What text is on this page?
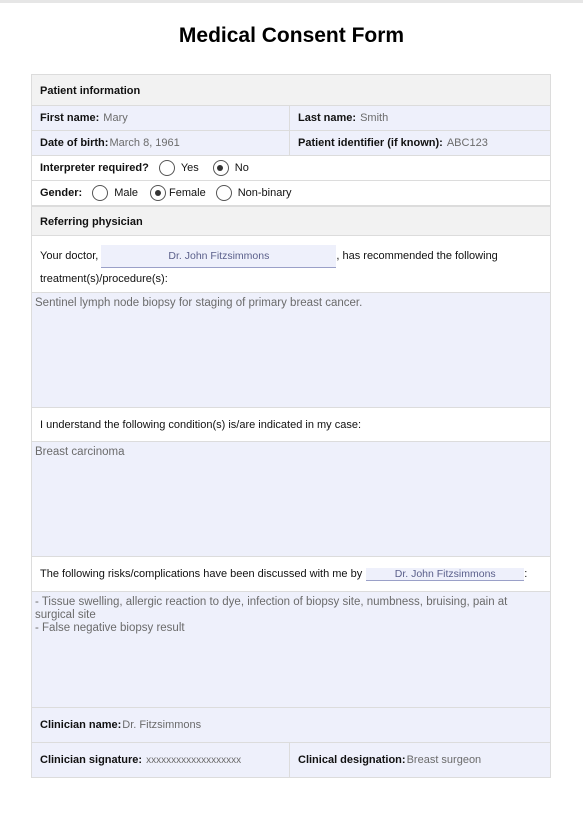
Medical Consent Form
Patient information
First name: Mary	Last name: Smith
Date of birth: March 8, 1961	Patient identifier (if known): ABC123
Interpreter required?	Yes	No
Gender:	Male	Female	Non-binary
Referring physician
Your doctor,	Dr. John Fitzsimmons	, has recommended the following
treatment(s)/procedure(s):
Sentinel lymph node biopsy for staging of primary breast cancer.
I understand the following condition(s) is/are indicated in my case:
Breast carcinoma
The following risks/complications have been discussed with me by	Dr. John Fitzsimmons	:
- Tissue swelling, allergic reaction to dye, infection of biopsy site, numbness, bruising, pain at surgical site
- False negative biopsy result
Clinician name: Dr. Fitzsimmons
Clinician signature: xxxxxxxxxxxxxxxxxxx	Clinical designation: Breast surgeon
